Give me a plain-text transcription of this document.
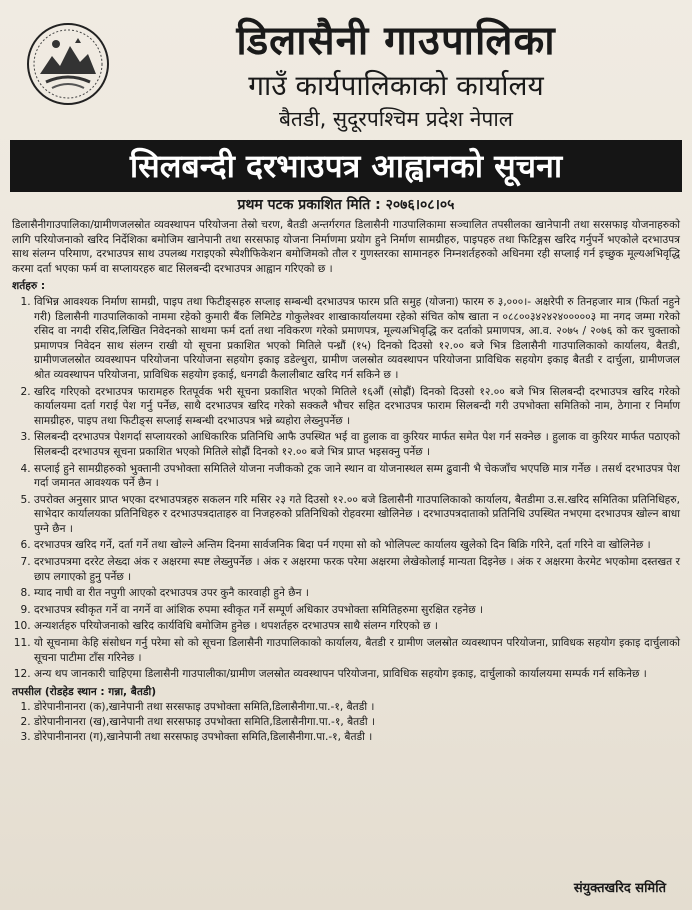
डिलासैनी गाउपालिका
गाउँ कार्यपालिकाको कार्यालय
बैतडी, सुदूरपश्चिम प्रदेश नेपाल
सिलबन्दी दरभाउपत्र आह्वानको सूचना
प्रथम पटक प्रकाशित मिति : २०७६।०८।०५

डिलासैनीगाउपालिका/ग्रामीणजलस्रोत व्यवस्थापन परियोजना तेस्रो चरण, बैतडी अन्तर्गरगत डिलासैनी गाउपालिकामा सञ्चालित तपसीलका खानेपानी तथा सरसफाइ योजनाहरुको लागि परियोजनाको खरिद निर्देशिका बमोजिम खानेपानी तथा सरसफाइ योजना निर्माणमा प्रयोग हुने निर्माण सामग्रीहरु, पाइपहरु तथा फिटिङ्गस खरिद गर्नुपर्ने भएकोले दरभाउपत्र साथ संलग्न परिमाण, दरभाउपत्र साथ उपलब्ध गराइएको स्पेशीफिकेशन बमोजिमको तौल र गुणस्तरका सामानहरु निम्नशर्तहरुको अधिनमा रही सप्लाई गर्न इच्छुक मूल्यअभिवृद्धि करमा दर्ता भएका फर्म वा सप्लायरहरु बाट सिलबन्दी दरभाउपत्र आह्वान गरिएको छ ।

शर्तहरु :
1. विभिन्न आवश्यक निर्माण सामग्री, पाइप तथा फिटीङ्सहरु सप्लाइ सम्बन्धी दरभाउपत्र फारम प्रति समुह (योजना) फारम रु ३,०००।- अक्षरेपी रु तिनहजार मात्र (फिर्ता नहुने गरी) डिलासैनी गाउपालिकाको नाममा रहेको कुमारी बैंक लिमिटेड गोकुलेश्वर शाखाकार्यालयमा रहेको संचित कोष खाता न ०८८००३४२४२४०००००३ मा नगद जम्मा गरेको रसिद वा नगदी रसिद,लिखित निवेदनको साथमा फर्म दर्ता तथा नविकरण गरेको प्रमाणपत्र, मूल्यअभिवृद्धि कर दर्ताको प्रमाणपत्र, आ.व. २०७५ / २०७६ को कर चुक्ताको प्रमाणपत्र निवेदन साथ संलग्न राखी यो सूचना प्रकाशित भएको मितिले पन्ध्रौं (१५) दिनको दिउसो १२.०० बजे भित्र डिलासैनी गाउपालिकाको कार्यालय, बैतडी, ग्रामीणजलस्रोत व्यवस्थापन परियोजना परियोजना सहयोग इकाइ डडेल्धुरा, ग्रामीण जलस्रोत व्यवस्थापन परियोजना प्राविधिक सहयोग इकाइ बैतडी र दार्चुला, ग्रामीणजल श्रोत व्यवस्थापन परियोजना, प्राविधिक सहयोग इकाई, धनगढी कैलालीबाट खरिद गर्न सकिने छ ।
2. खरिद गरिएको दरभाउपत्र फारामहरु रितपूर्वक भरी सूचना प्रकाशित भएको मितिले १६औं (सोह्रौं) दिनको दिउसो १२.०० बजे भित्र सिलबन्दी दरभाउपत्र खरिद गरेको कार्यालयमा दर्ता गराई पेश गर्नु पर्नेछ, साथै दरभाउपत्र खरिद गरेको सक्कलै भौचर सहित दरभाउपत्र फाराम सिलबन्दी गरी उपभोक्ता समितिको नाम, ठेगाना र निर्माण सामग्रीहरु, पाइप तथा फिटीङ्स सप्लाई सम्बन्धी दरभाउपत्र भन्ने ब्यहोरा लेख्नुपर्नेछ ।
3. सिलबन्दी दरभाउपत्र पेशगर्दा सप्लायरको आधिकारिक प्रतिनिधि आफै उपस्थित भई वा हुलाक वा कुरियर मार्फत समेत पेश गर्न सक्नेछ । हुलाक वा कुरियर मार्फत पठाएको सिलबन्दी दरभाउपत्र सूचना प्रकाशित भएको मितिले सोह्रौं दिनको १२.०० बजे भित्र प्राप्त भइसक्नु पर्नेछ ।
4. सप्लाई हुने सामग्रीहरुको भुक्तानी उपभोक्ता समितिले योजना नजीकको ट्रक जाने स्थान वा योजनास्थल सम्म ढुवानी भै चेकजाँच भएपछि मात्र गर्नेछ । तसर्थ दरभाउपत्र पेश गर्दा जमानत आवश्यक पर्ने छैन ।
5. उपरोक्त अनुसार प्राप्त भएका दरभाउपत्रहरु सकलन गरि मसिर २३ गते दिउसो १२.०० बजे डिलासैनी गाउपालिकाको कार्यालय, बैतडीमा उ.स.खरिद समितिका प्रतिनिधिहरु, साभेदार कार्यालयका प्रतिनिधिहरु र दरभाउपत्रदाताहरु वा निजहरुको प्रतिनिधिको रोहवरमा खोलिनेछ । दरभाउपत्रदाताको प्रतिनिधि उपस्थित नभएमा दरभाउपत्र खोल्न बाधा पुग्ने छैन ।
6. दरभाउपत्र खरिद गर्ने, दर्ता गर्ने तथा खोल्ने अन्तिम दिनमा सार्वजनिक बिदा पर्न गएमा सो को भोलिपल्ट कार्यालय खुलेको दिन बिक्रि गरिने, दर्ता गरिने वा खोलिनेछ ।
7. दरभाउपत्रमा दररेट लेख्दा अंक र अक्षरमा स्पष्ट लेख्नुपर्नेछ । अंक र अक्षरमा फरक परेमा अक्षरमा लेखेकोलाई मान्यता दिइनेछ । अंक र अक्षरमा केरमेट भएकोमा दस्तखत र छाप लगाएको हुनु पर्नेछ ।
8. म्याद नाघी वा रीत नपुगी आएको दरभाउपत्र उपर कुनै कारवाही हुने छैन ।
9. दरभाउपत्र स्वीकृत गर्ने वा नगर्ने वा आंशिक रुपमा स्वीकृत गर्ने सम्पूर्ण अधिकार उपभोक्ता समितिहरुमा सुरक्षित रहनेछ ।
10. अन्यशर्तहरु परियोजनाको खरिद कार्यविधि बमोजिम हुनेछ । थपशर्तहरु दरभाउपत्र साथै संलग्न गरिएको छ ।
11. यो सूचनामा केहि संसोधन गर्नु परेमा सो को सूचना डिलासैनी गाउपालिकाको कार्यालय, बैतडी र ग्रामीण जलस्रोत व्यवस्थापन परियोजना, प्राविधक सहयोग इकाइ दार्चुलाको सूचना पाटीमा टाँस गरिनेछ ।
12. अन्य थप जानकारी चाहिएमा डिलासैनी गाउपालीका/ग्रामीण जलस्रोत व्यवस्थापन परियोजना, प्राविधिक सहयोग इकाइ, दार्चुलाको कार्यालयमा सम्पर्क गर्न सकिनेछ ।
तपसील (रोडहेड स्थान : गन्ना, बैतडी)
1. डोरेपानीनानरा (क),खानेपानी तथा सरसफाइ उपभोक्ता समिति,डिलासैनीगा.पा.-१, बैतडी ।
2. डोरेपानीनानरा (ख),खानेपानी तथा सरसफाइ उपभोक्ता समिति,डिलासैनीगा.पा.-१, बैतडी ।
3. डोरेपानीनानरा (ग),खानेपानी तथा सरसफाइ उपभोक्ता समिति,डिलासैनीगा.पा.-१, बैतडी ।
संयुक्तखरिद समिति
